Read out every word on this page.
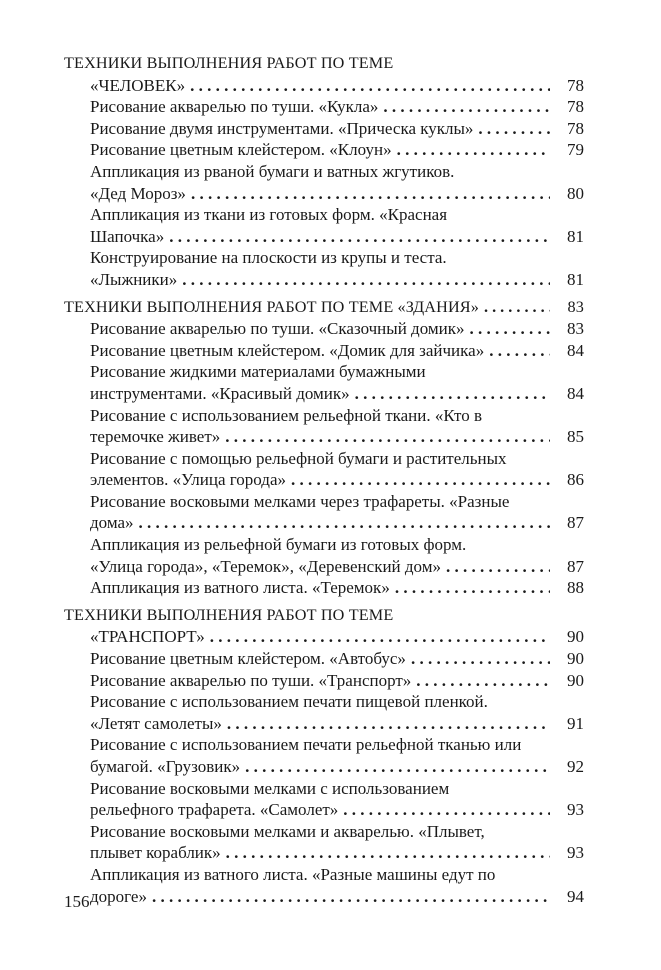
ТЕХНИКИ ВЫПОЛНЕНИЯ РАБОТ ПО ТЕМЕ
«ЧЕЛОВЕК» . . .	78
Рисование акварелью по туши. «Кукла» . . .	78
Рисование двумя инструментами. «Прическа куклы» . . .	78
Рисование цветным клейстером. «Клоун» . . .	79
Аппликация из рваной бумаги и ватных жгутиков.
«Дед Мороз» . . .	80
Аппликация из ткани из готовых форм. «Красная
Шапочка» . . .	81
Конструирование на плоскости из крупы и теста.
«Лыжники» . . .	81
ТЕХНИКИ ВЫПОЛНЕНИЯ РАБОТ ПО ТЕМЕ «ЗДАНИЯ» . . .	83
Рисование акварелью по туши. «Сказочный домик» . . .	83
Рисование цветным клейстером. «Домик для зайчика» . . .	84
Рисование жидкими материалами бумажными
инструментами. «Красивый домик» . . .	84
Рисование с использованием рельефной ткани. «Кто в
теремочке живет» . . .	85
Рисование с помощью рельефной бумаги и растительных
элементов. «Улица города» . . .	86
Рисование восковыми мелками через трафареты. «Разные
дома» . . .	87
Аппликация из рельефной бумаги из готовых форм.
«Улица города», «Теремок», «Деревенский дом» . . .	87
Аппликация из ватного листа. «Теремок» . . .	88
ТЕХНИКИ ВЫПОЛНЕНИЯ РАБОТ ПО ТЕМЕ
«ТРАНСПОРТ» . . .	90
Рисование цветным клейстером. «Автобус» . . .	90
Рисование акварелью по туши. «Транспорт» . . .	90
Рисование с использованием печати пищевой пленкой.
«Летят самолеты» . . .	91
Рисование с использованием печати рельефной тканью или
бумагой. «Грузовик» . . .	92
Рисование восковыми мелками с использованием
рельефного трафарета. «Самолет» . . .	93
Рисование восковыми мелками и акварелью. «Плывет,
плывет кораблик» . . .	93
Аппликация из ватного листа. «Разные машины едут по
дороге» . . .	94
156
